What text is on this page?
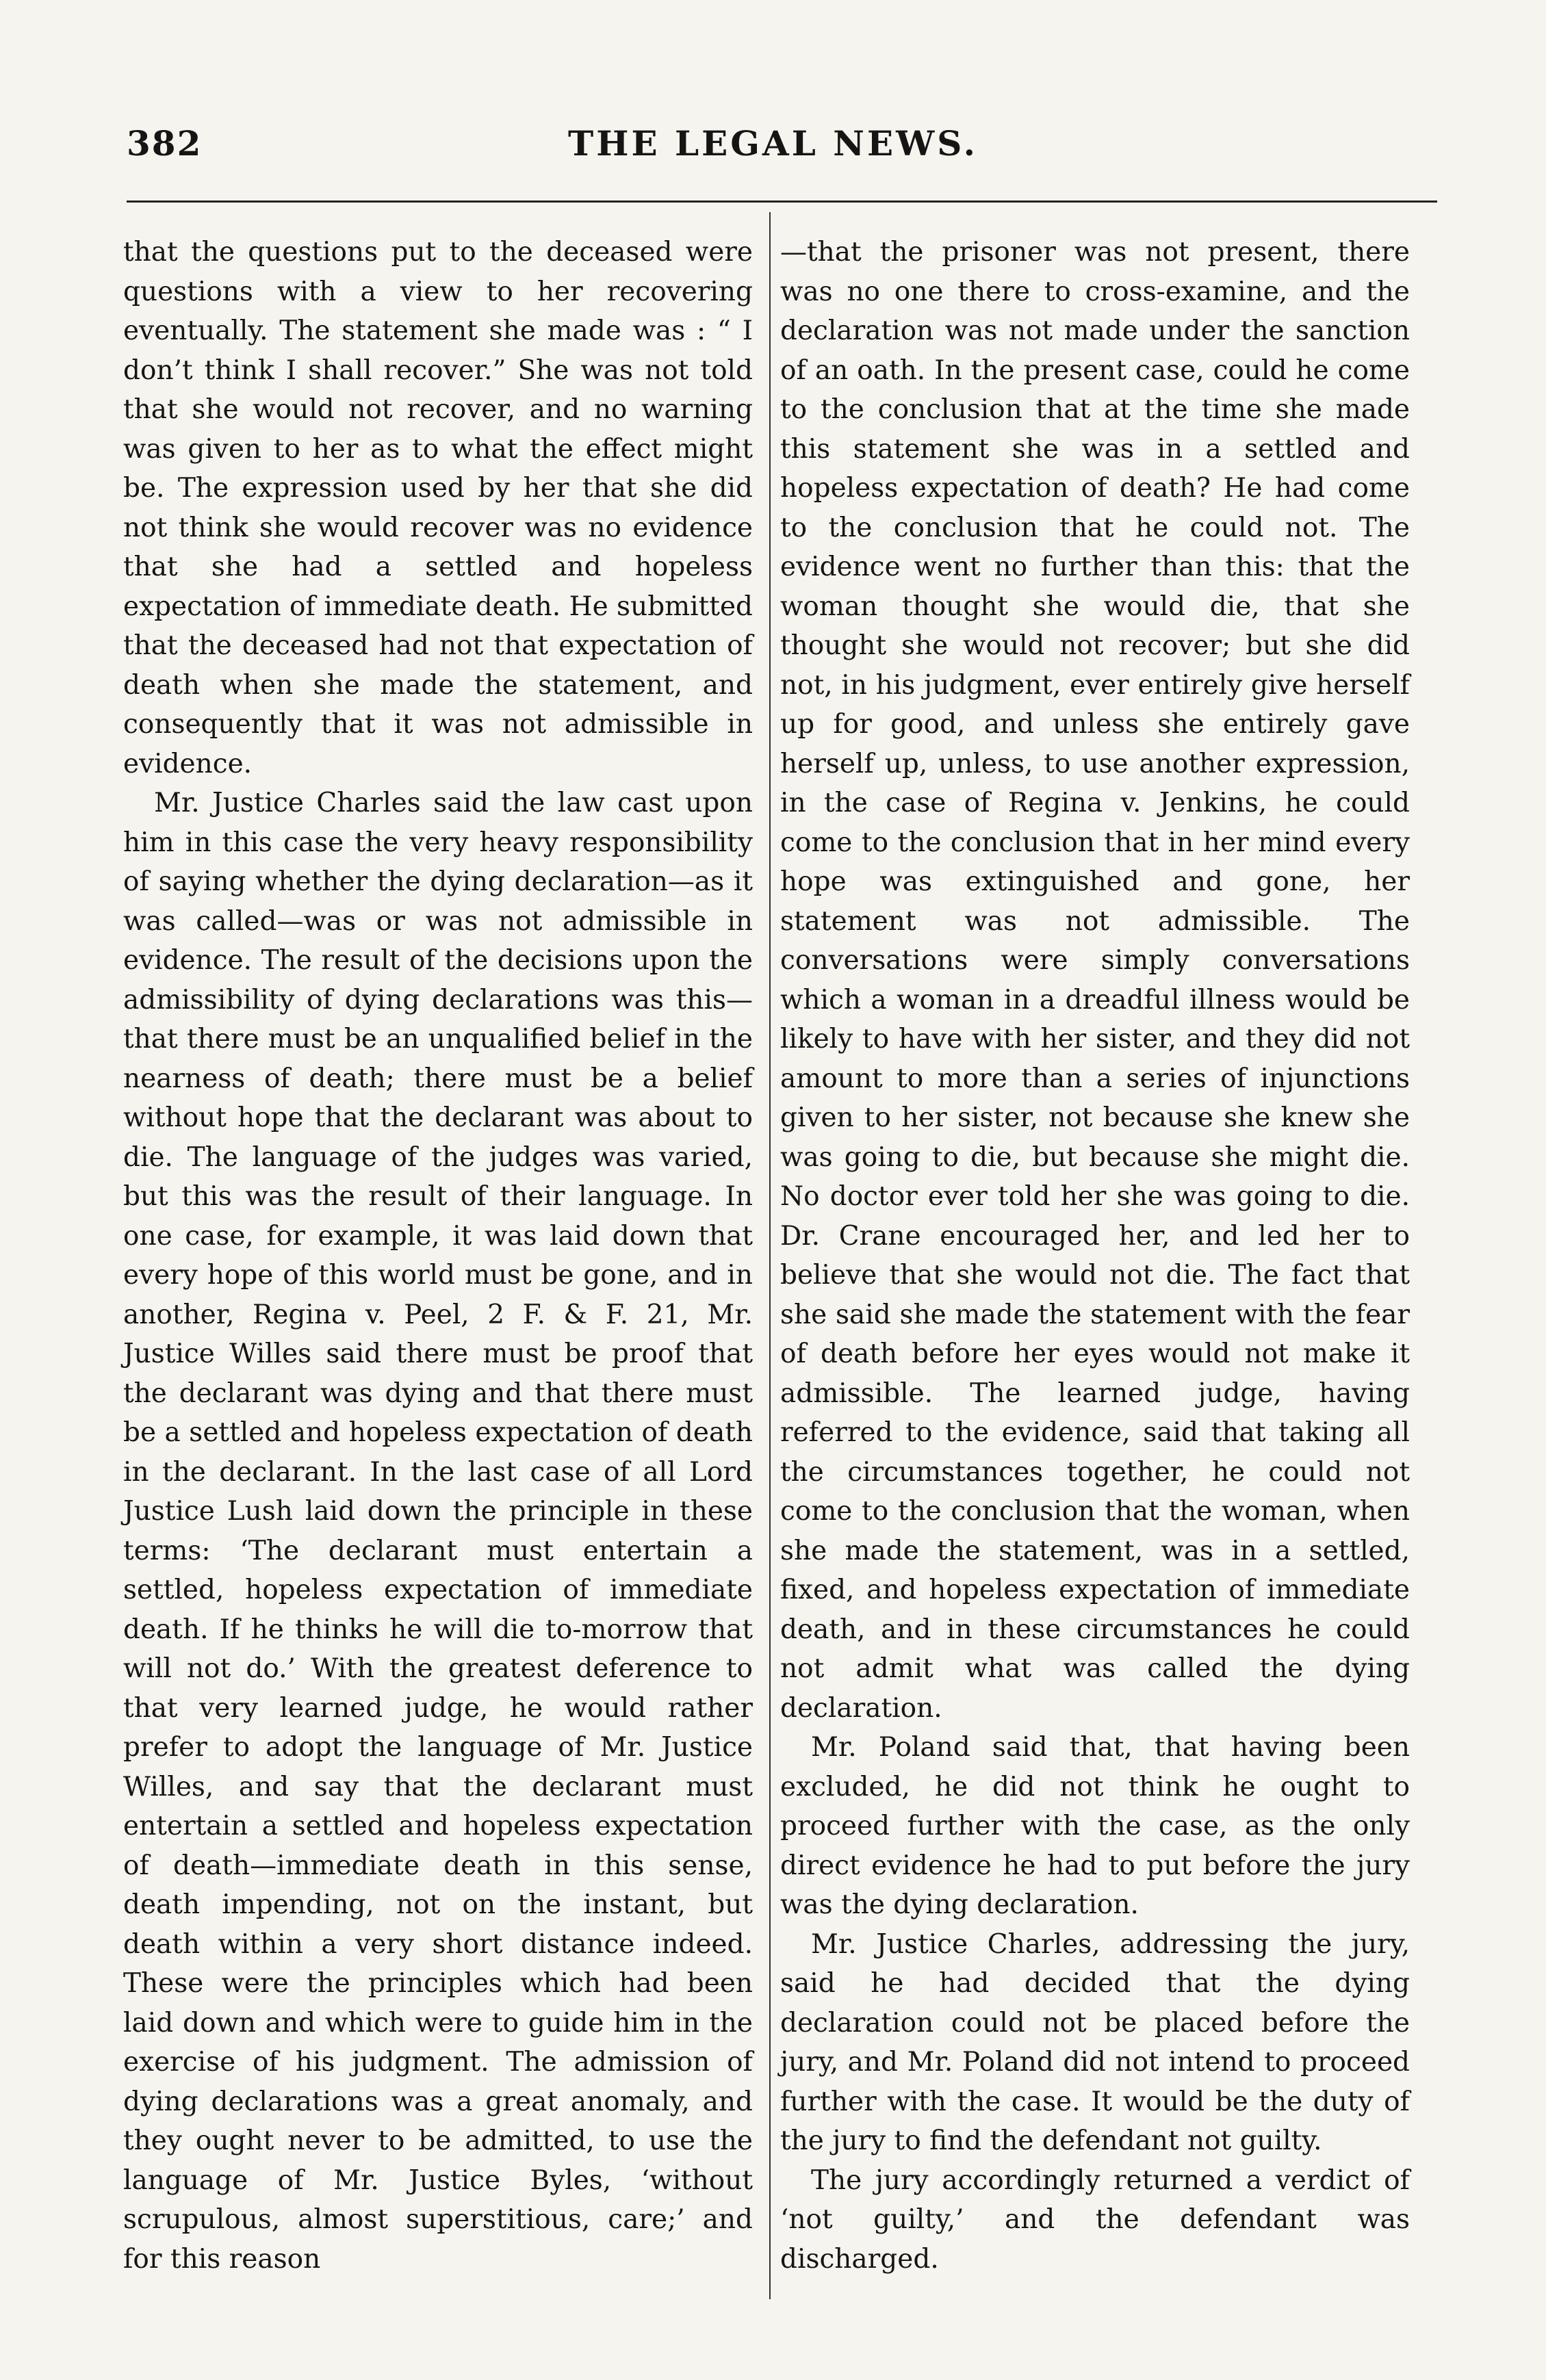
382	THE LEGAL NEWS.

that the questions put to the deceased were questions with a view to her recovering eventually. The statement she made was : “ I don’t think I shall recover.” She was not told that she would not recover, and no warning was given to her as to what the effect might be. The expression used by her that she did not think she would recover was no evidence that she had a settled and hopeless expectation of immediate death. He submitted that the deceased had not that expectation of death when she made the statement, and consequently that it was not admissible in evidence.

Mr. Justice Charles said the law cast upon him in this case the very heavy responsibility of saying whether the dying declaration—as it was called—was or was not admissible in evidence. The result of the decisions upon the admissibility of dying declarations was this—that there must be an unqualified belief in the nearness of death; there must be a belief without hope that the declarant was about to die. The language of the judges was varied, but this was the result of their language. In one case, for example, it was laid down that every hope of this world must be gone, and in another, Regina v. Peel, 2 F. & F. 21, Mr. Justice Willes said there must be proof that the declarant was dying and that there must be a settled and hopeless expectation of death in the declarant. In the last case of all Lord Justice Lush laid down the principle in these terms: ‘The declarant must entertain a settled, hopeless expectation of immediate death. If he thinks he will die to-morrow that will not do.’ With the greatest deference to that very learned judge, he would rather prefer to adopt the language of Mr. Justice Willes, and say that the declarant must entertain a settled and hopeless expectation of death—immediate death in this sense, death impending, not on the instant, but death within a very short distance indeed. These were the principles which had been laid down and which were to guide him in the exercise of his judgment. The admission of dying declarations was a great anomaly, and they ought never to be admitted, to use the language of Mr. Justice Byles, ‘without scrupulous, almost superstitious, care;’ and for this reason

—that the prisoner was not present, there was no one there to cross-examine, and the declaration was not made under the sanction of an oath. In the present case, could he come to the conclusion that at the time she made this statement she was in a settled and hopeless expectation of death? He had come to the conclusion that he could not. The evidence went no further than this: that the woman thought she would die, that she thought she would not recover; but she did not, in his judgment, ever entirely give herself up for good, and unless she entirely gave herself up, unless, to use another expression, in the case of Regina v. Jenkins, he could come to the conclusion that in her mind every hope was extinguished and gone, her statement was not admissible. The conversations were simply conversations which a woman in a dreadful illness would be likely to have with her sister, and they did not amount to more than a series of injunctions given to her sister, not because she knew she was going to die, but because she might die. No doctor ever told her she was going to die. Dr. Crane encouraged her, and led her to believe that she would not die. The fact that she said she made the statement with the fear of death before her eyes would not make it admissible. The learned judge, having referred to the evidence, said that taking all the circumstances together, he could not come to the conclusion that the woman, when she made the statement, was in a settled, fixed, and hopeless expectation of immediate death, and in these circumstances he could not admit what was called the dying declaration.

Mr. Poland said that, that having been excluded, he did not think he ought to proceed further with the case, as the only direct evidence he had to put before the jury was the dying declaration.

Mr. Justice Charles, addressing the jury, said he had decided that the dying declaration could not be placed before the jury, and Mr. Poland did not intend to proceed further with the case. It would be the duty of the jury to find the defendant not guilty.

The jury accordingly returned a verdict of ‘not guilty,’ and the defendant was discharged.
